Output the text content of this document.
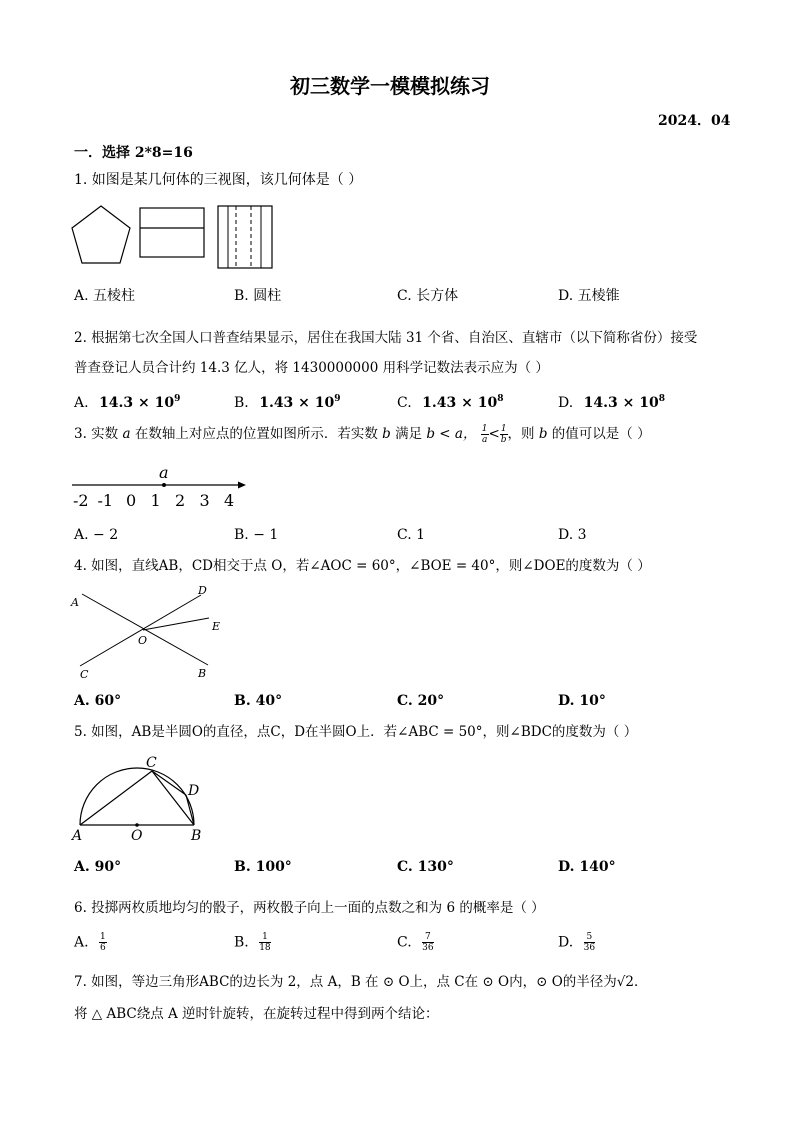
初三数学一模模拟练习
2024．04
一．选择 2*8=16
1. 如图是某几何体的三视图，该几何体是（ ）
A. 五棱柱	B. 圆柱	C. 长方体	D. 五棱锥
2. 根据第七次全国人口普查结果显示，居住在我国大陆 31 个省、自治区、直辖市（以下简称省份）接受
普查登记人员合计约 14.3 亿人，将 1430000000 用科学记数法表示应为（ ）
A. $14.3 \times 10^9$	B. $1.43 \times 10^9$	C. $1.43 \times 10^8$	D. $14.3 \times 10^8$
3. 实数 a 在数轴上对应点的位置如图所示．若实数 b 满足 b < a， $\frac{1}{a} < \frac{1}{b}$ ，则 b 的值可以是（ ）
a
-2 -1 0 1 2 3 4
A. − 2	B. − 1	C. 1	D. 3
4. 如图，直线AB，CD相交于点 O，若∠AOC = 60°，∠BOE = 40°，则∠DOE的度数为（ ）
A
D
E
O
C	B
A. 60°	B. 40°	C. 20°	D. 10°
5. 如图，AB是半圆O的直径，点C，D在半圆O上．若∠ABC = 50°，则∠BDC的度数为（ ）
C
D
A	O	B
A. 90°	B. 100°	C. 130°	D. 140°
6. 投掷两枚质地均匀的骰子，两枚骰子向上一面的点数之和为 6 的概率是（ ）
A. $\frac{1}{6}$	B. $\frac{1}{18}$	C. $\frac{7}{36}$	D. $\frac{5}{36}$
7. 如图，等边三角形ABC的边长为 2，点 A，B 在 ⊙ O上，点 C在 ⊙ O内，⊙ O的半径为√2．
将 △ ABC绕点 A 逆时针旋转，在旋转过程中得到两个结论：
